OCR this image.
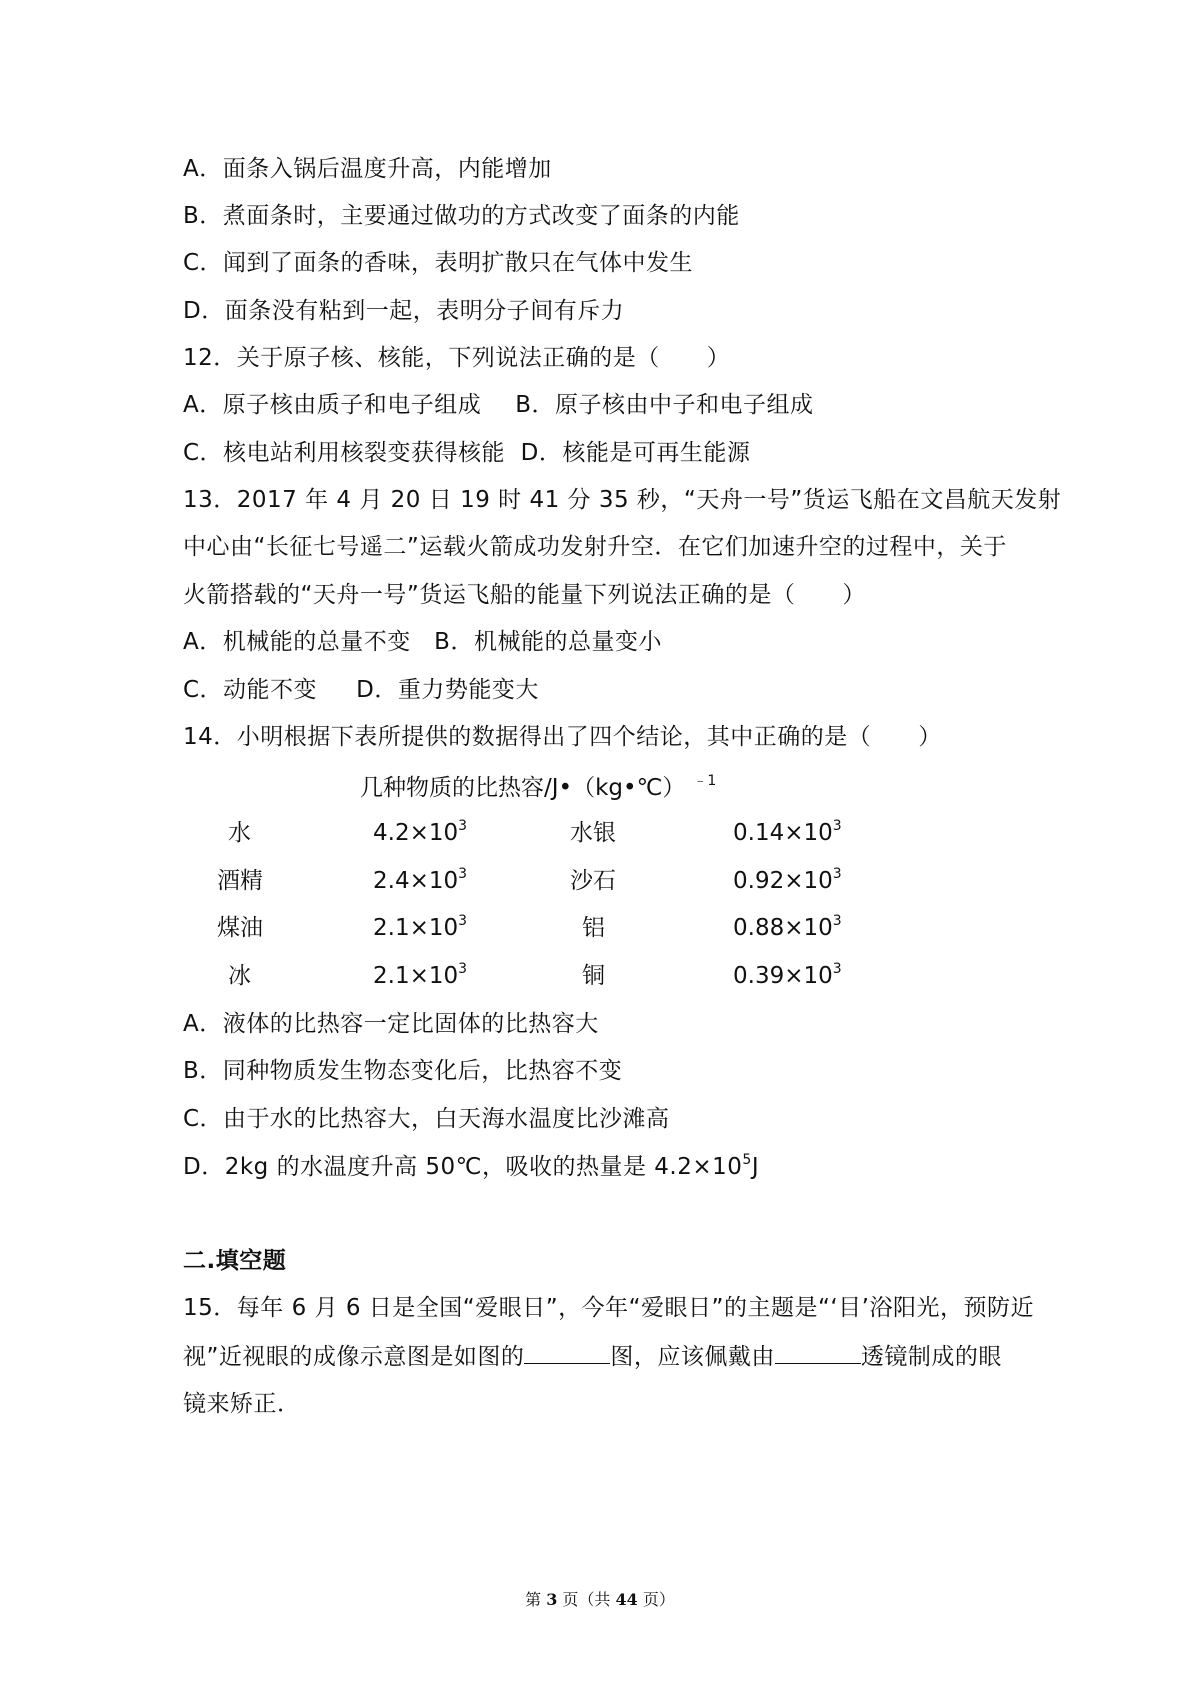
A．面条入锅后温度升高，内能增加
B．煮面条时，主要通过做功的方式改变了面条的内能
C．闻到了面条的香味，表明扩散只在气体中发生
D．面条没有粘到一起，表明分子间有斥力
12．关于原子核、核能，下列说法正确的是（　　）
A．原子核由质子和电子组成 B．原子核由中子和电子组成
C．核电站利用核裂变获得核能  D．核能是可再生能源
13．2017 年 4 月 20 日 19 时 41 分 35 秒，“天舟一号”货运飞船在文昌航天发射
中心由“长征七号遥二”运载火箭成功发射升空．在它们加速升空的过程中，关于
火箭搭载的“天舟一号”货运飞船的能量下列说法正确的是（　　）
A．机械能的总量不变   B．机械能的总量变小
C．动能不变     D．重力势能变大
14．小明根据下表所提供的数据得出了四个结论，其中正确的是（　　）
几种物质的比热容/J•（kg•℃） $^{﹣1}$
水	$4.2\times 10^3$	水银	$0.14\times 10^3$
酒精	$2.4\times 10^3$	沙石	$0.92\times 10^3$
煤油	$2.1\times 10^3$	铝	$0.88\times 10^3$
冰	$2.1\times 10^3$	铜	$0.39\times 10^3$
A．液体的比热容一定比固体的比热容大
B．同种物质发生物态变化后，比热容不变
C．由于水的比热容大，白天海水温度比沙滩高
D．2kg 的水温度升高 50℃，吸收的热量是 $4.2\times 10^5J$
二.填空题
15．每年 6 月 6 日是全国“爱眼日”，今年“爱眼日”的主题是“‘目’浴阳光，预防近
视”近视眼的成像示意图是如图的	图，应该佩戴由	透镜制成的眼
镜来矫正．
第 3 页（共 44 页）
